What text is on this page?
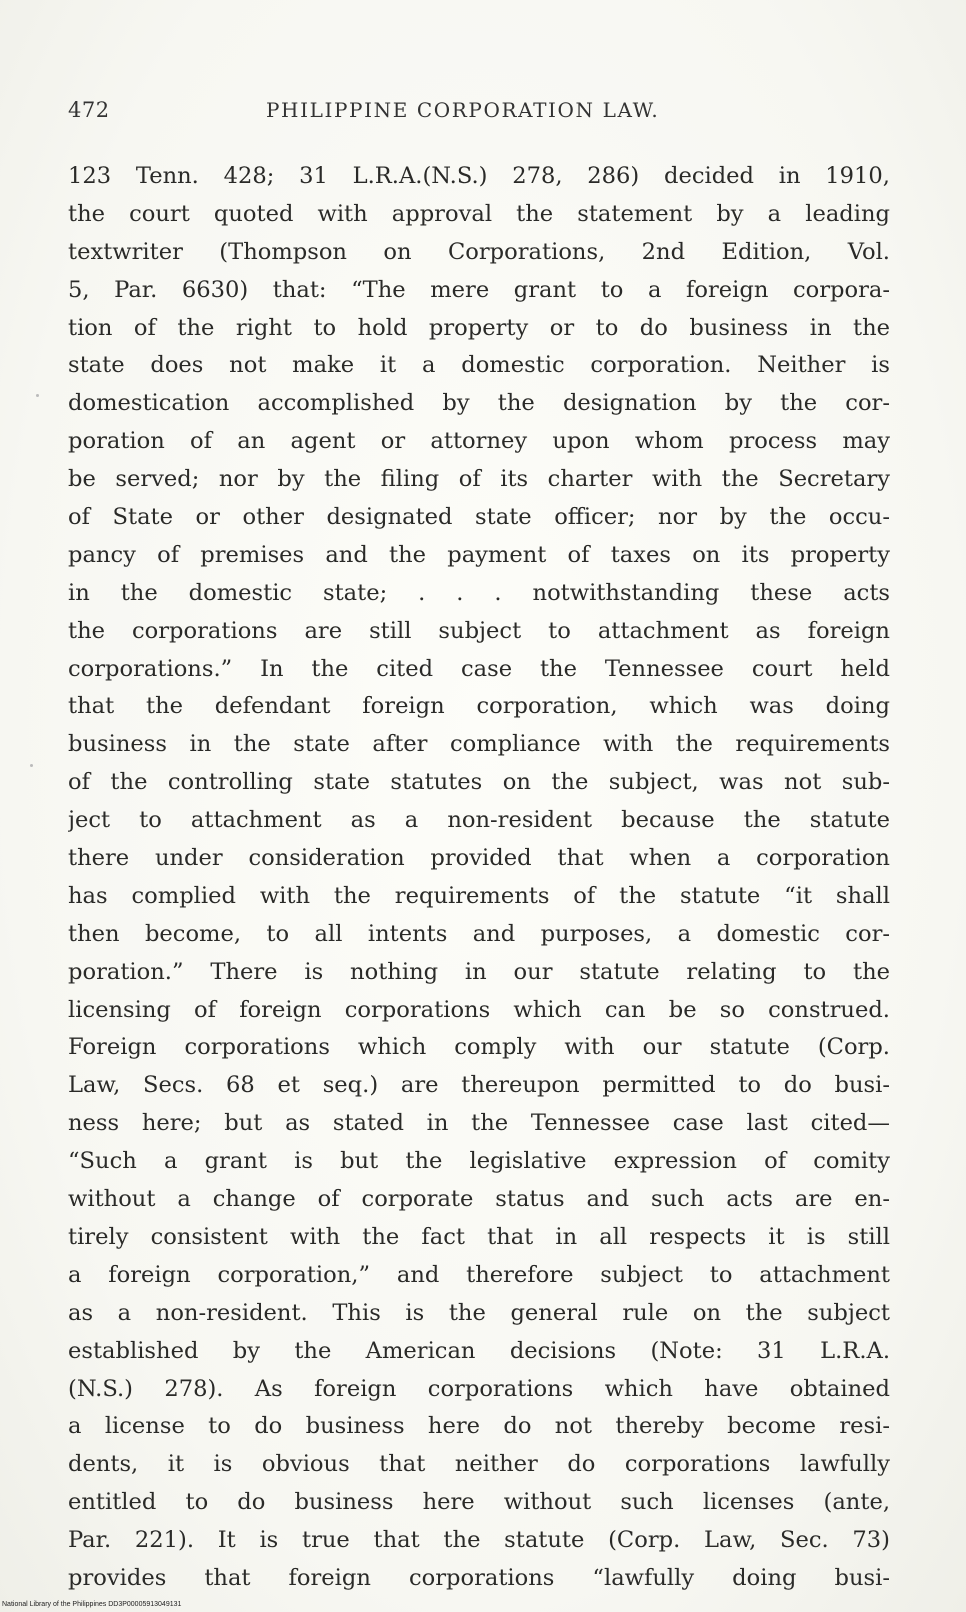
472	PHILIPPINE CORPORATION LAW.
123 Tenn. 428; 31 L.R.A.(N.S.) 278, 286) decided in 1910,
the court quoted with approval the statement by a leading
textwriter (Thompson on Corporations, 2nd Edition, Vol.
5, Par. 6630) that: “The mere grant to a foreign corpora-
tion of the right to hold property or to do business in the
state does not make it a domestic corporation. Neither is
domestication accomplished by the designation by the cor-
poration of an agent or attorney upon whom process may
be served; nor by the filing of its charter with the Secretary
of State or other designated state officer; nor by the occu-
pancy of premises and the payment of taxes on its property
in the domestic state; . . . notwithstanding these acts
the corporations are still subject to attachment as foreign
corporations.” In the cited case the Tennessee court held
that the defendant foreign corporation, which was doing
business in the state after compliance with the requirements
of the controlling state statutes on the subject, was not sub-
ject to attachment as a non-resident because the statute
there under consideration provided that when a corporation
has complied with the requirements of the statute “it shall
then become, to all intents and purposes, a domestic cor-
poration.” There is nothing in our statute relating to the
licensing of foreign corporations which can be so construed.
Foreign corporations which comply with our statute (Corp.
Law, Secs. 68 et seq.) are thereupon permitted to do busi-
ness here; but as stated in the Tennessee case last cited—
“Such a grant is but the legislative expression of comity
without a change of corporate status and such acts are en-
tirely consistent with the fact that in all respects it is still
a foreign corporation,” and therefore subject to attachment
as a non-resident. This is the general rule on the subject
established by the American decisions (Note: 31 L.R.A.
(N.S.) 278). As foreign corporations which have obtained
a license to do business here do not thereby become resi-
dents, it is obvious that neither do corporations lawfully
entitled to do business here without such licenses (ante,
Par. 221). It is true that the statute (Corp. Law, Sec. 73)
provides that foreign corporations “lawfully doing busi-
National Library of the Philippines DD3P00005913049131
